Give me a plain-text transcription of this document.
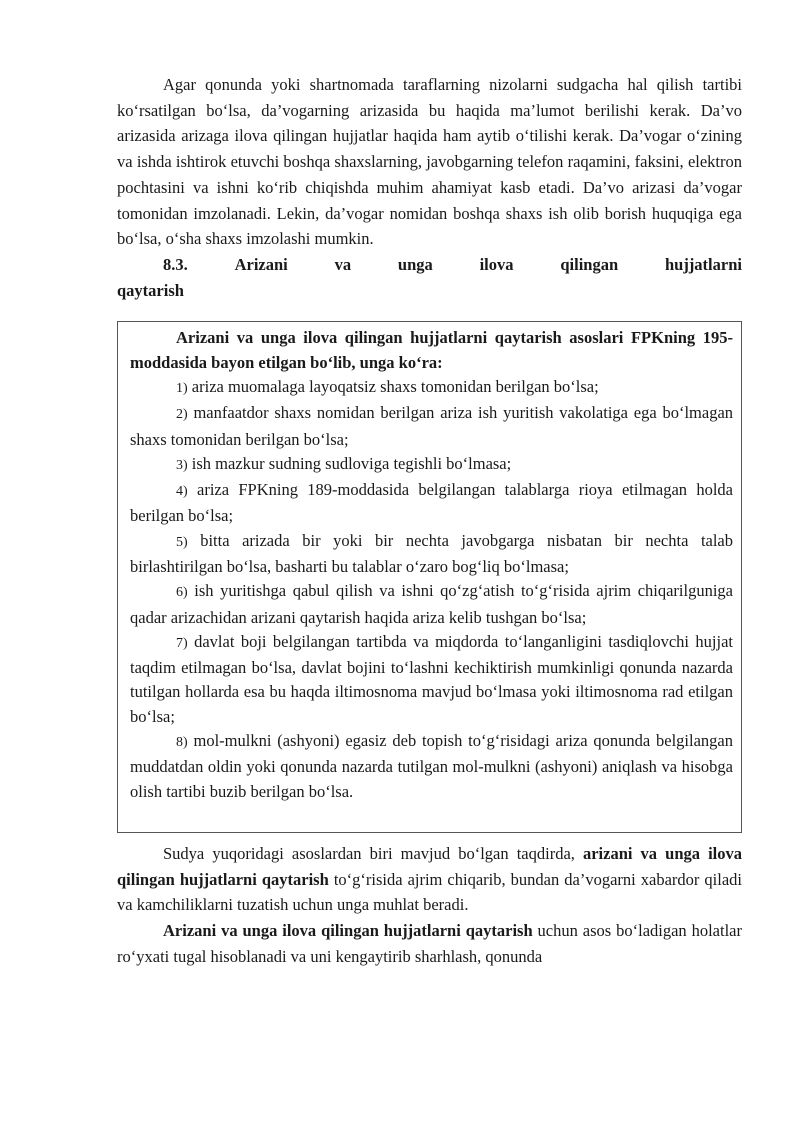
Agar qonunda yoki shartnomada taraflarning nizolarni sudgacha hal qilish tartibi ko‘rsatilgan bo‘lsa, da’vogarning arizasida bu haqida ma’lumot berilishi kerak. Da’vo arizasida arizaga ilova qilingan hujjatlar haqida ham aytib o‘tilishi kerak. Da’vogar o‘zining va ishda ishtirok etuvchi boshqa shaxslarning, javobgarning telefon raqamini, faksini, elektron pochtasini va ishni ko‘rib chiqishda muhim ahamiyat kasb etadi. Da’vo arizasi da’vogar tomonidan imzolanadi. Lekin, da’vogar nomidan boshqa shaxs ish olib borish huquqiga ega bo‘lsa, o‘sha shaxs imzolashi mumkin.

8.3.	Arizani	va	unga	ilova	qilingan	hujjatlarni
qaytarish

Arizani va unga ilova qilingan hujjatlarni qaytarish asoslari FPKning 195-moddasida bayon etilgan bo‘lib, unga ko‘ra:

1) ariza muomalaga layoqatsiz shaxs tomonidan berilgan bo‘lsa;

2) manfaatdor shaxs nomidan berilgan ariza ish yuritish vakolatiga ega bo‘lmagan shaxs tomonidan berilgan bo‘lsa;

3) ish mazkur sudning sudloviga tegishli bo‘lmasa;

4) ariza FPKning 189-moddasida belgilangan talablarga rioya etilmagan holda berilgan bo‘lsa;

5) bitta arizada bir yoki bir nechta javobgarga nisbatan bir nechta talab birlashtirilgan bo‘lsa, basharti bu talablar o‘zaro bog‘liq bo‘lmasa;

6) ish yuritishga qabul qilish va ishni qo‘zg‘atish to‘g‘risida ajrim chiqarilguniga qadar arizachidan arizani qaytarish haqida ariza kelib tushgan bo‘lsa;

7) davlat boji belgilangan tartibda va miqdorda to‘langanligini tasdiqlovchi hujjat taqdim etilmagan bo‘lsa, davlat bojini to‘lashni kechiktirish mumkinligi qonunda nazarda tutilgan hollarda esa bu haqda iltimosnoma mavjud bo‘lmasa yoki iltimosnoma rad etilgan bo‘lsa;

8) mol-mulkni (ashyoni) egasiz deb topish to‘g‘risidagi ariza qonunda belgilangan muddatdan oldin yoki qonunda nazarda tutilgan mol-mulkni (ashyoni) aniqlash va hisobga olish tartibi buzib berilgan bo‘lsa.

Sudya yuqoridagi asoslardan biri mavjud bo‘lgan taqdirda, arizani va unga ilova qilingan hujjatlarni qaytarish to‘g‘risida ajrim chiqarib, bundan da’vogarni xabardor qiladi va kamchiliklarni tuzatish uchun unga muhlat beradi.

Arizani va unga ilova qilingan hujjatlarni qaytarish uchun asos bo‘ladigan holatlar ro‘yxati tugal hisoblanadi va uni kengaytirib sharhlash, qonunda
